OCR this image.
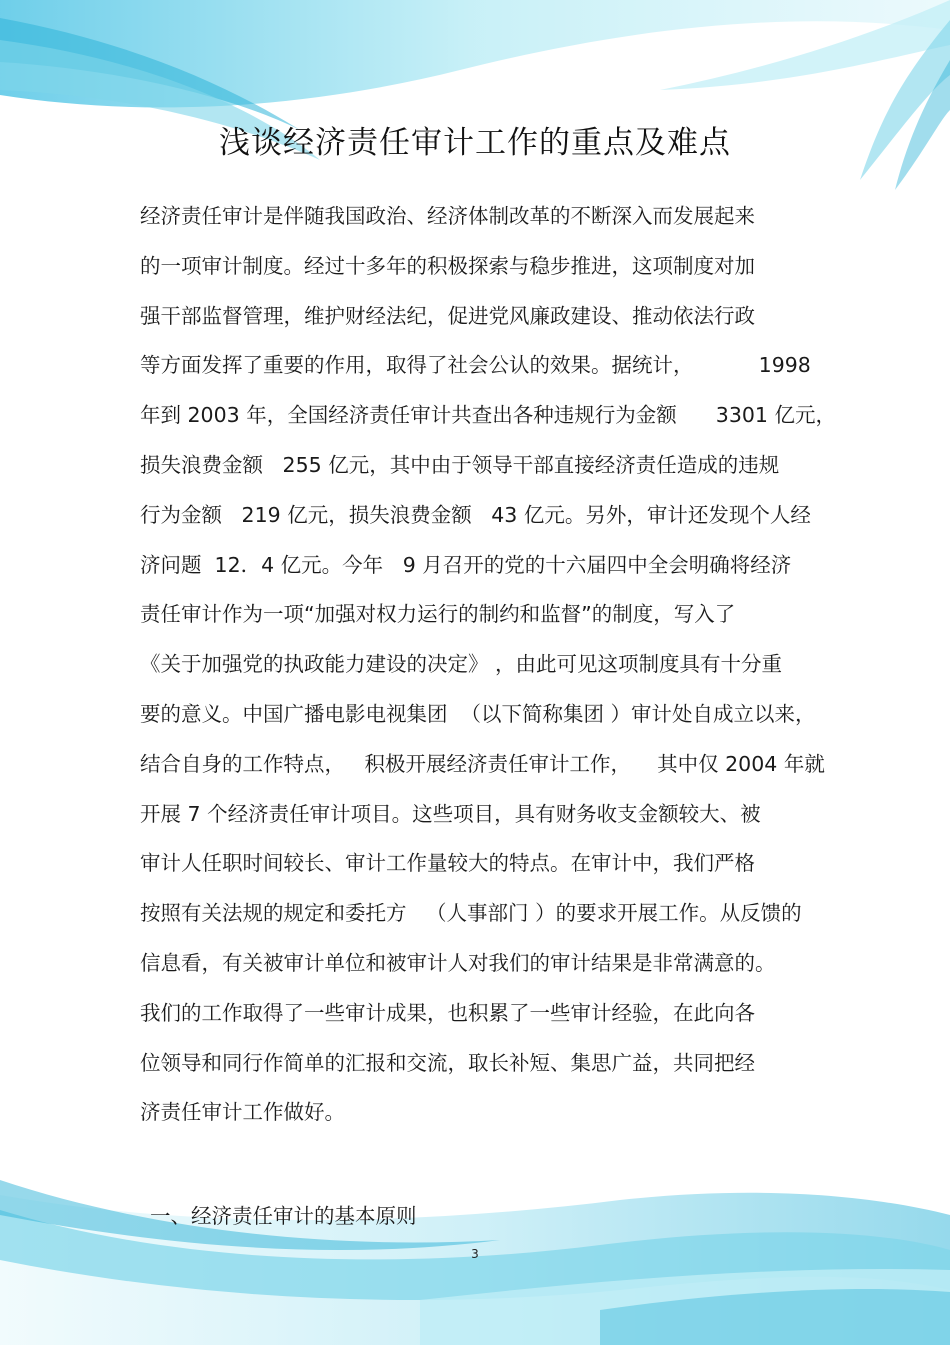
浅谈经济责任审计工作的重点及难点
经济责任审计是伴随我国政治、经济体制改革的不断深入而发展起来
的一项审计制度。经过十多年的积极探索与稳步推进，这项制度对加
强干部监督管理，维护财经法纪，促进党风廉政建设、推动依法行政
等方面发挥了重要的作用，取得了社会公认的效果。据统计，          1998
年到 2003 年，全国经济责任审计共查出各种违规行为金额      3301 亿元，
损失浪费金额   255 亿元，其中由于领导干部直接经济责任造成的违规
行为金额   219 亿元，损失浪费金额   43 亿元。另外，审计还发现个人经
济问题  12．4 亿元。今年   9 月召开的党的十六届四中全会明确将经济
责任审计作为一项“加强对权力运行的制约和监督”的制度，写入了
《关于加强党的执政能力建设的决定》 ，由此可见这项制度具有十分重
要的意义。中国广播电影电视集团  （以下简称集团 ）审计处自成立以来，
结合自身的工作特点，   积极开展经济责任审计工作，    其中仅 2004 年就
开展 7 个经济责任审计项目。这些项目，具有财务收支金额较大、被
审计人任职时间较长、审计工作量较大的特点。在审计中，我们严格
按照有关法规的规定和委托方   （人事部门 ）的要求开展工作。从反馈的
信息看，有关被审计单位和被审计人对我们的审计结果是非常满意的。
我们的工作取得了一些审计成果，也积累了一些审计经验，在此向各
位领导和同行作简单的汇报和交流，取长补短、集思广益，共同把经
济责任审计工作做好。
一、经济责任审计的基本原则
3
